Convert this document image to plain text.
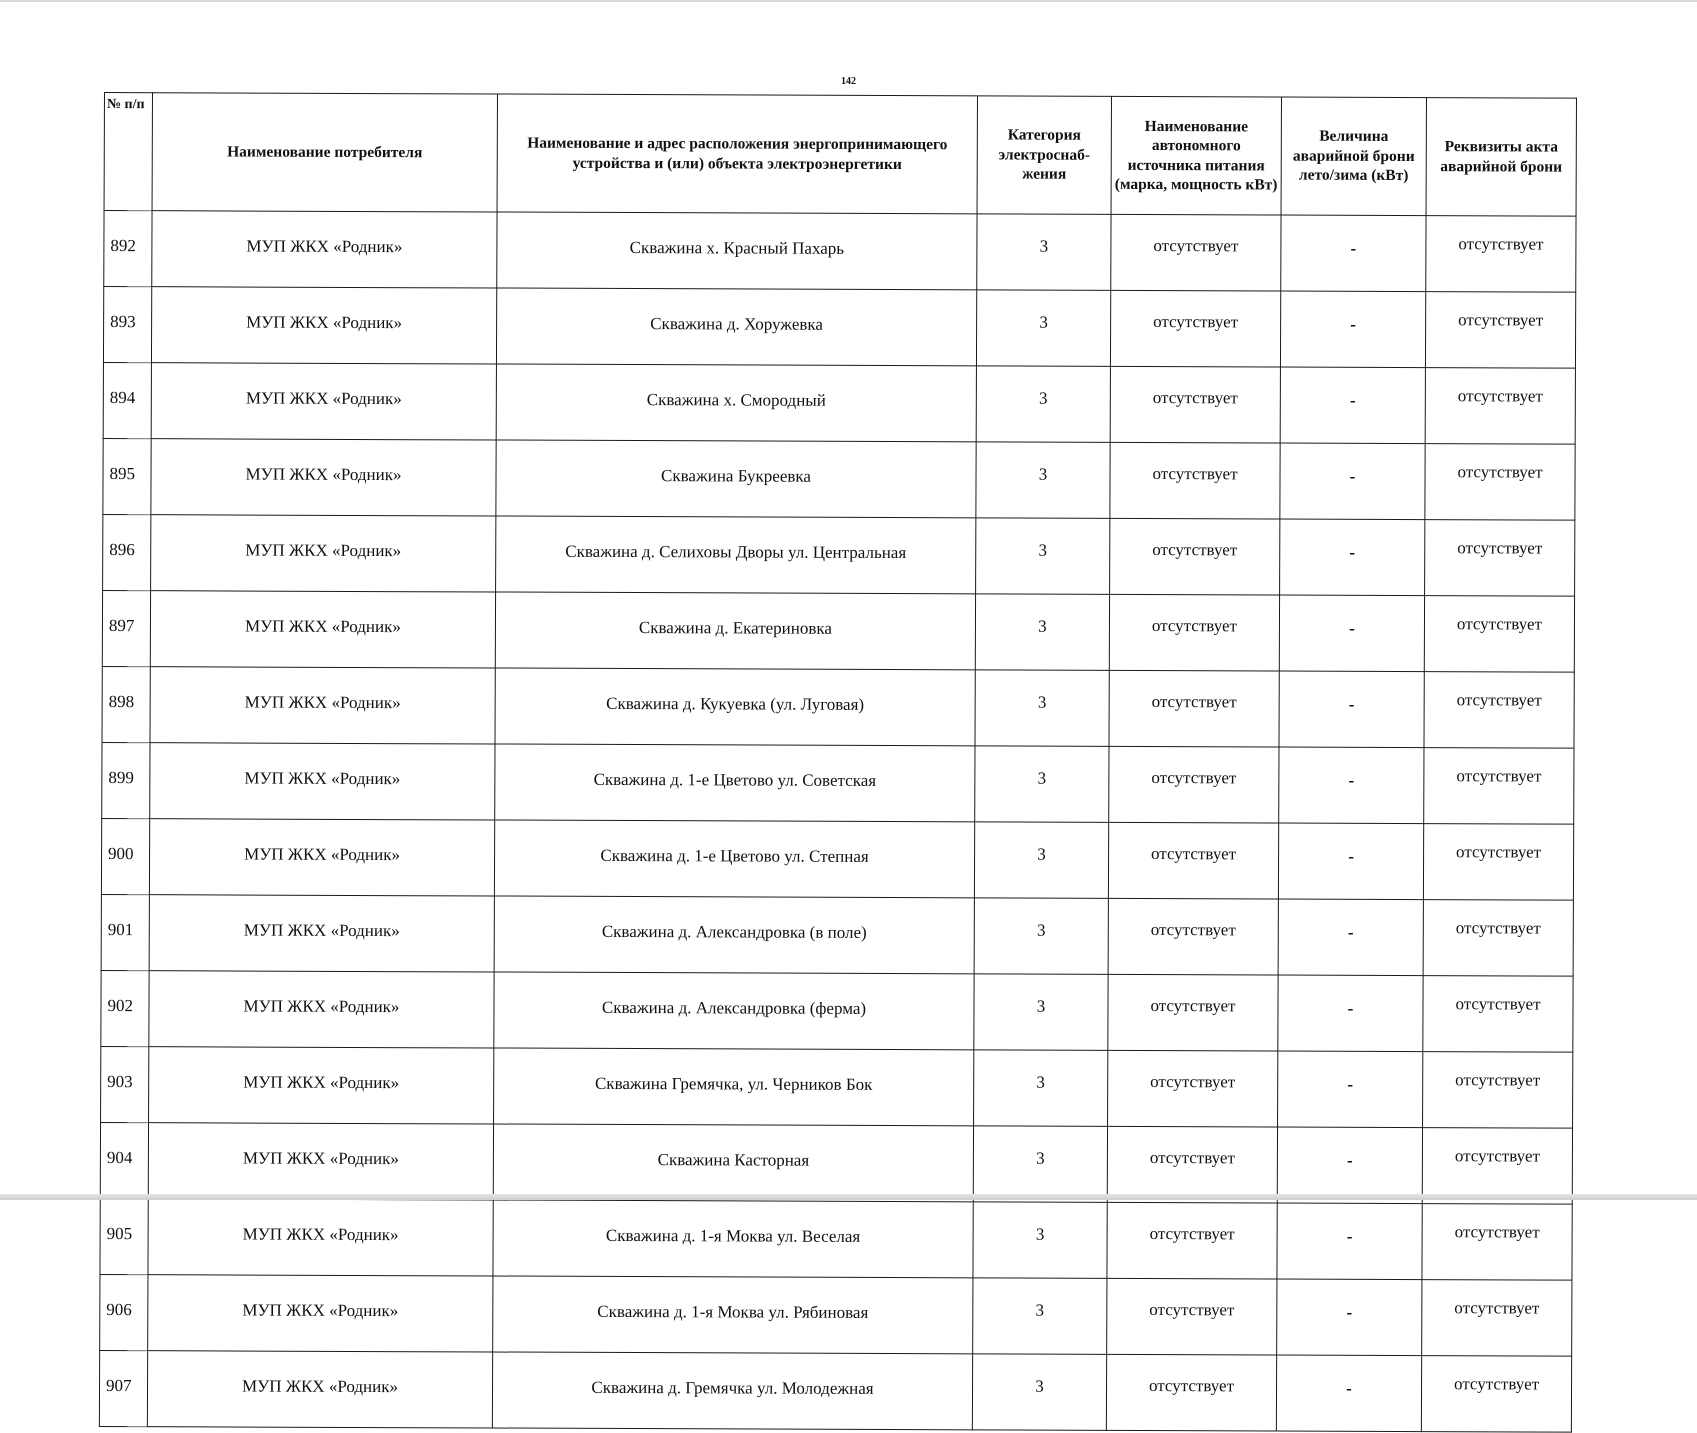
142
№ п/п	Наименование потребителя	Наименование и адрес расположения энергопринимающего устройства и (или) объекта электроэнергетики	Категория электроснаб-жения	Наименование автономного источника питания (марка, мощность кВт)	Величина аварийной брони лето/зима (кВт)	Реквизиты акта аварийной брони
892	МУП ЖКХ «Родник»	Скважина х. Красный Пахарь	3	отсутствует	-	отсутствует
893	МУП ЖКХ «Родник»	Скважина д. Хоружевка	3	отсутствует	-	отсутствует
894	МУП ЖКХ «Родник»	Скважина х. Смородный	3	отсутствует	-	отсутствует
895	МУП ЖКХ «Родник»	Скважина Букреевка	3	отсутствует	-	отсутствует
896	МУП ЖКХ «Родник»	Скважина д. Селиховы Дворы ул. Центральная	3	отсутствует	-	отсутствует
897	МУП ЖКХ «Родник»	Скважина д. Екатериновка	3	отсутствует	-	отсутствует
898	МУП ЖКХ «Родник»	Скважина д. Кукуевка (ул. Луговая)	3	отсутствует	-	отсутствует
899	МУП ЖКХ «Родник»	Скважина д. 1-е Цветово ул. Советская	3	отсутствует	-	отсутствует
900	МУП ЖКХ «Родник»	Скважина д. 1-е Цветово ул. Степная	3	отсутствует	-	отсутствует
901	МУП ЖКХ «Родник»	Скважина д. Александровка (в поле)	3	отсутствует	-	отсутствует
902	МУП ЖКХ «Родник»	Скважина д. Александровка (ферма)	3	отсутствует	-	отсутствует
903	МУП ЖКХ «Родник»	Скважина Гремячка, ул. Черников Бок	3	отсутствует	-	отсутствует
904	МУП ЖКХ «Родник»	Скважина Касторная	3	отсутствует	-	отсутствует
905	МУП ЖКХ «Родник»	Скважина д. 1-я Моква ул. Веселая	3	отсутствует	-	отсутствует
906	МУП ЖКХ «Родник»	Скважина д. 1-я Моква ул. Рябиновая	3	отсутствует	-	отсутствует
907	МУП ЖКХ «Родник»	Скважина д. Гремячка ул. Молодежная	3	отсутствует	-	отсутствует
